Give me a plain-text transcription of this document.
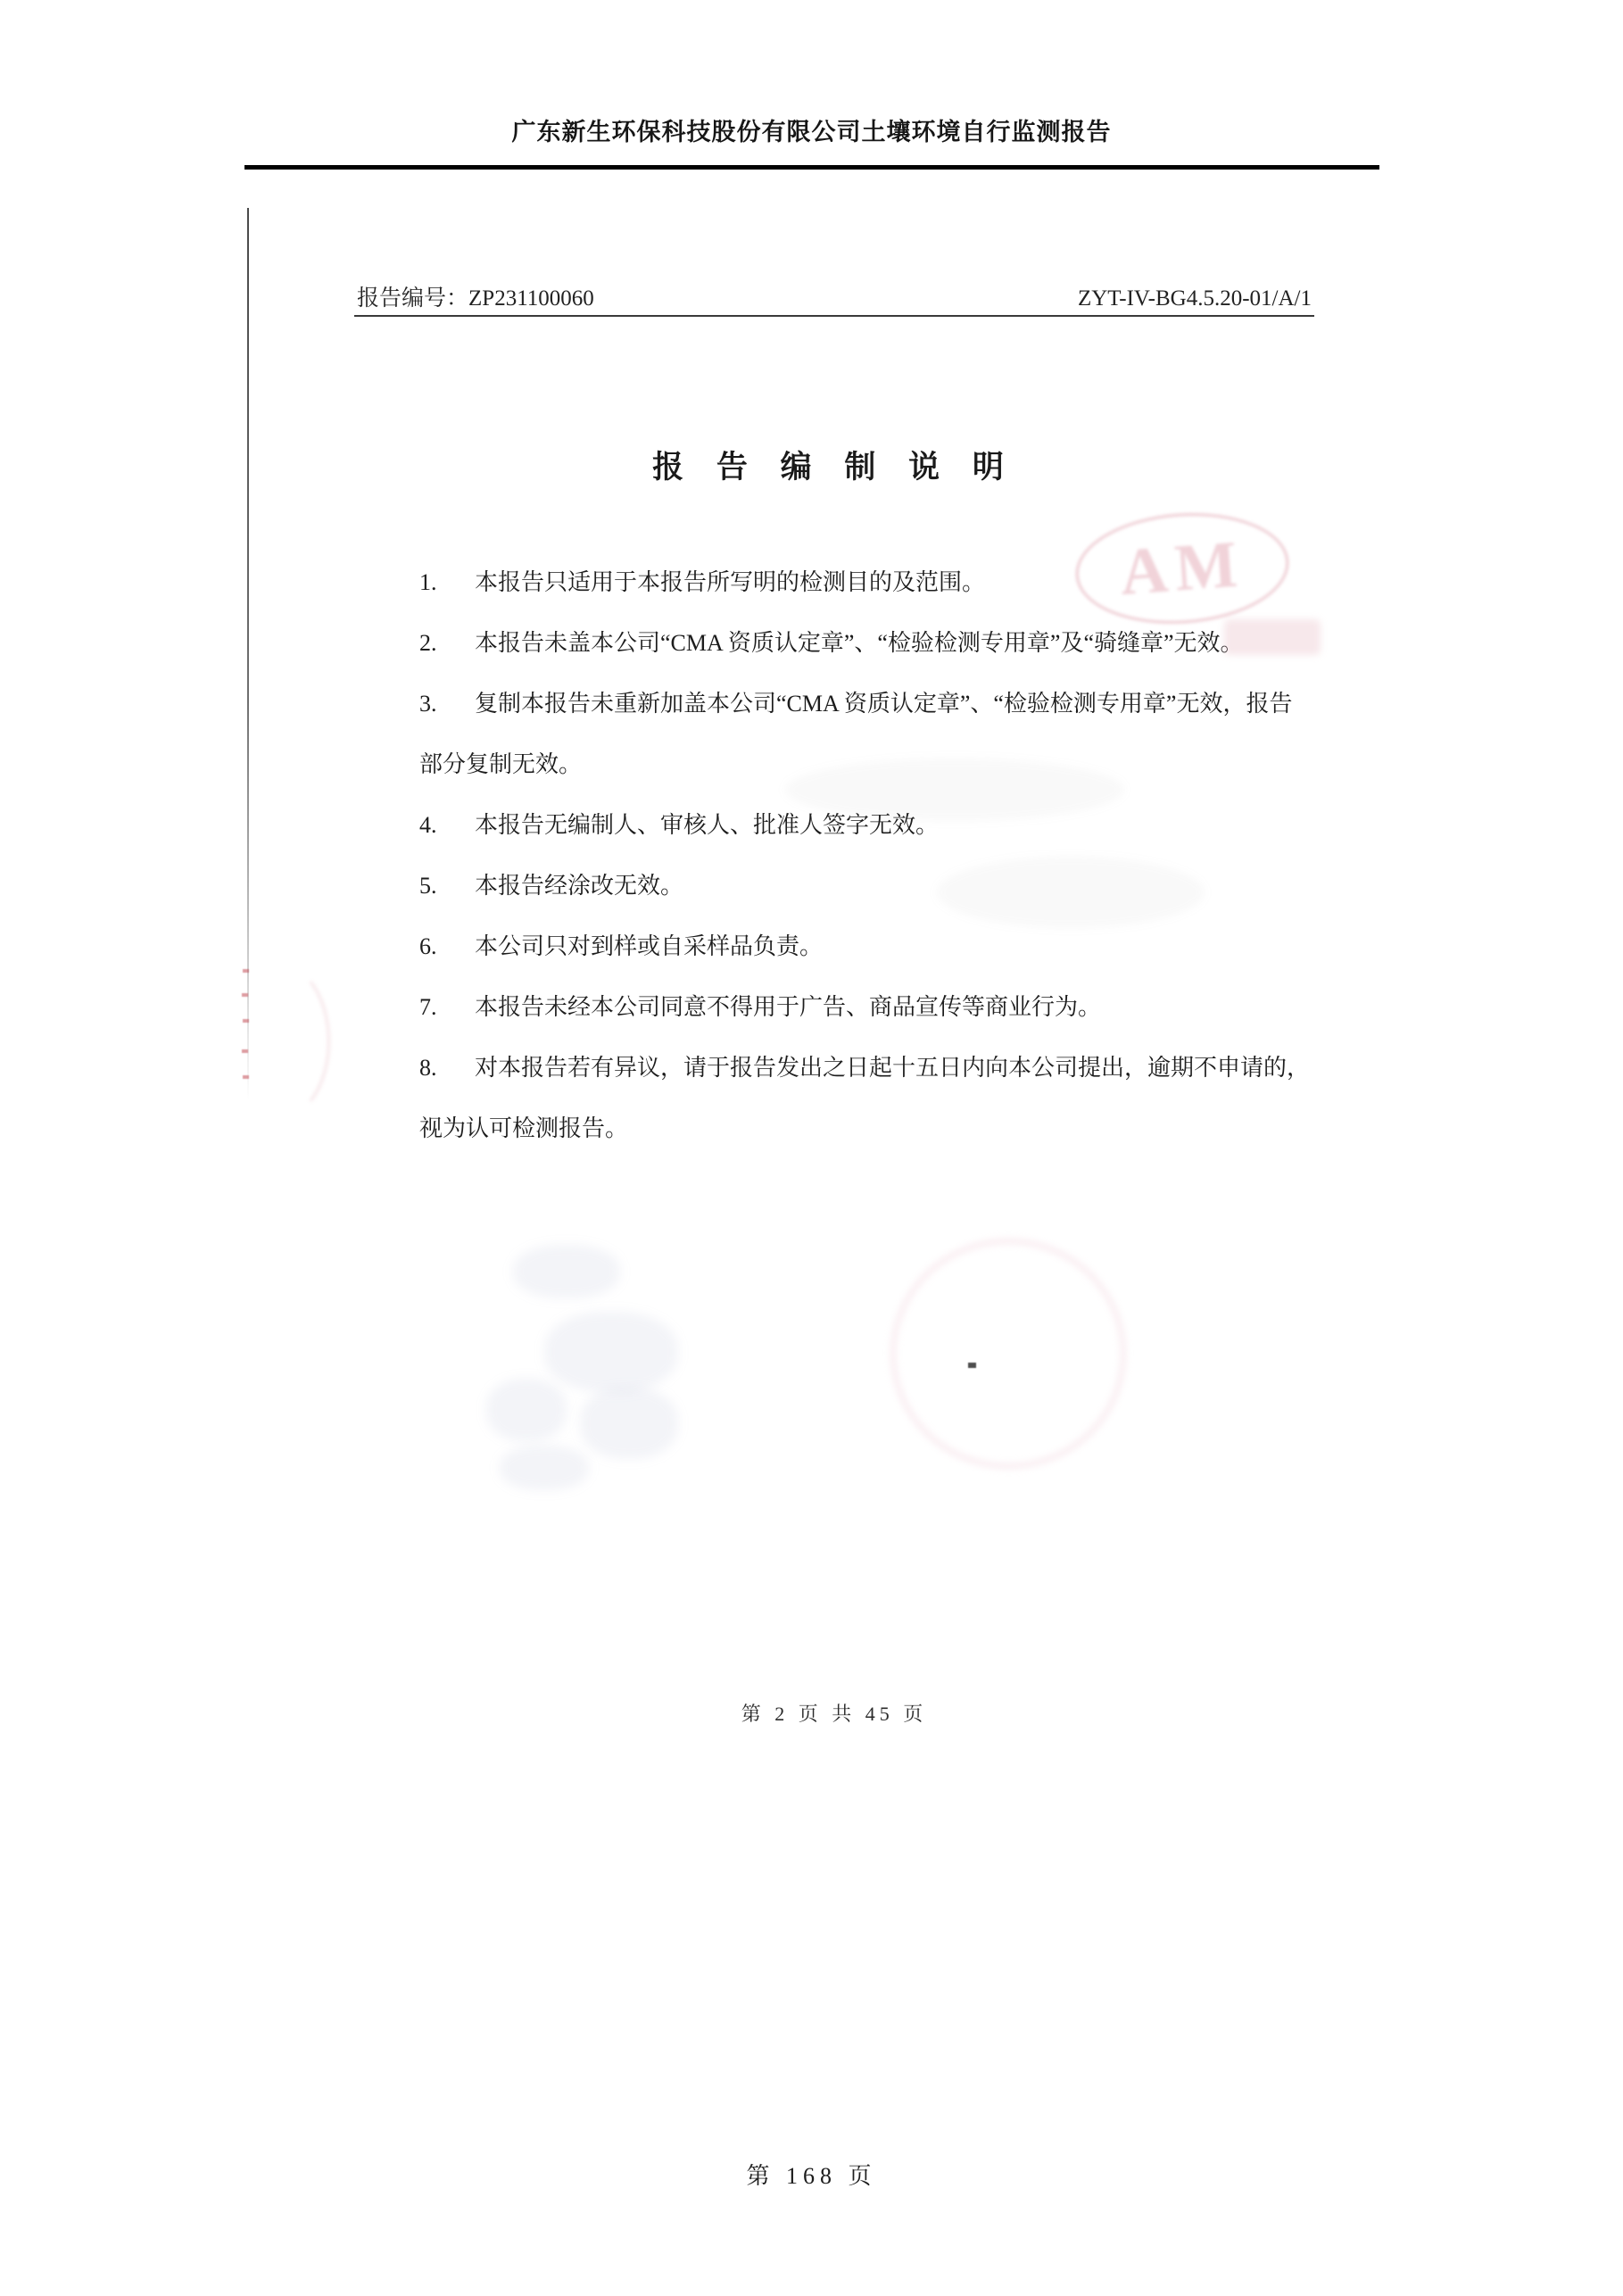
广东新生环保科技股份有限公司土壤环境自行监测报告
报告编号：ZP231100060	ZYT-IV-BG4.5.20-01/A/1
报 告 编 制 说 明
1.	本报告只适用于本报告所写明的检测目的及范围。
2.	本报告未盖本公司“CMA 资质认定章”、“检验检测专用章”及“骑缝章”无效。
3.	复制本报告未重新加盖本公司“CMA 资质认定章”、“检验检测专用章”无效，报告
部分复制无效。
4.	本报告无编制人、审核人、批准人签字无效。
5.	本报告经涂改无效。
6.	本公司只对到样或自采样品负责。
7.	本报告未经本公司同意不得用于广告、商品宣传等商业行为。
8.	对本报告若有异议，请于报告发出之日起十五日内向本公司提出，逾期不申请的，
视为认可检测报告。
第 2 页 共 45 页
第 168 页
AM
